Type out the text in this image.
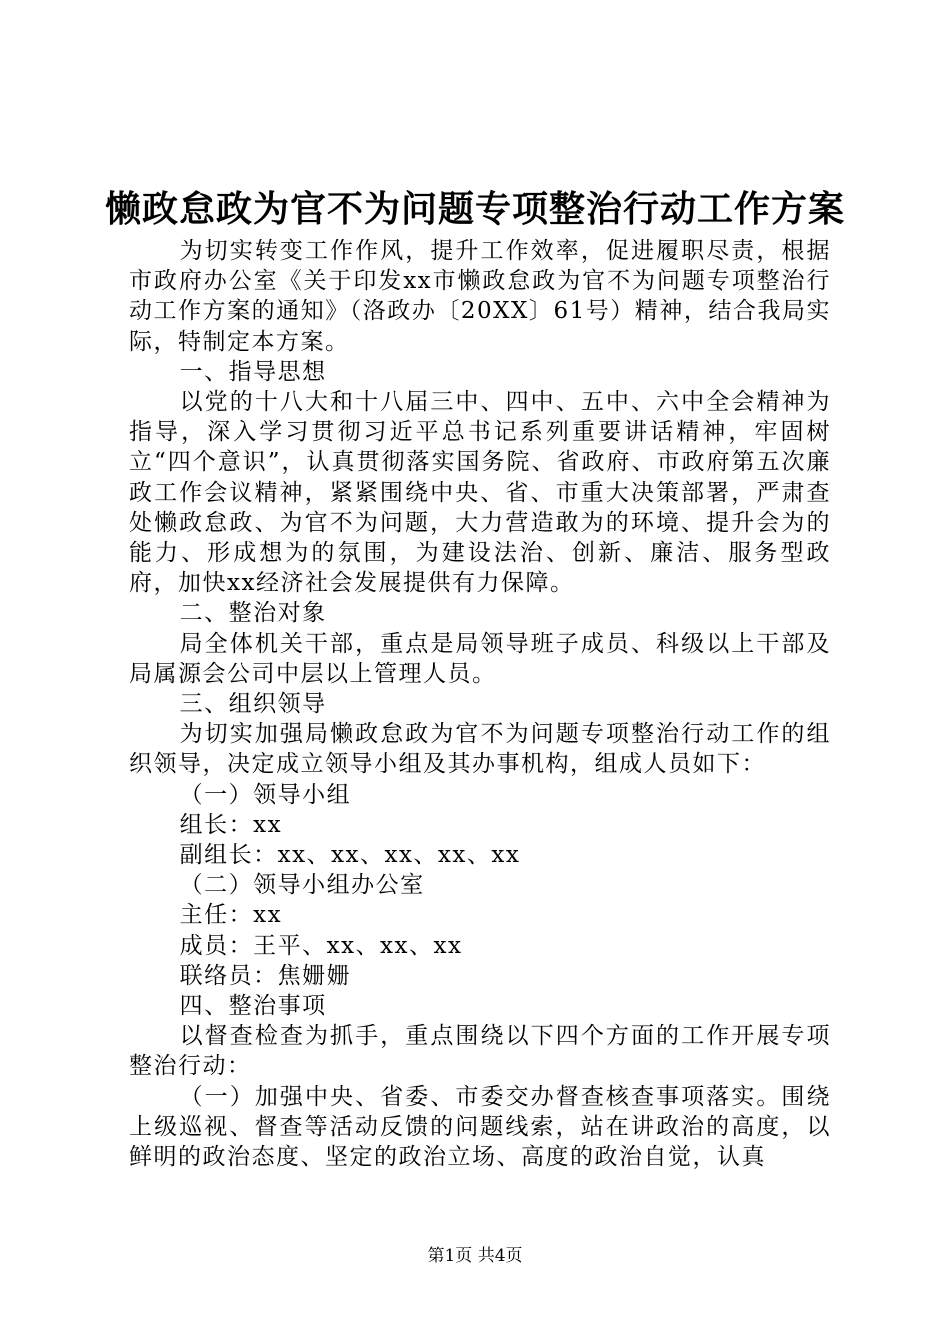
懒政怠政为官不为问题专项整治行动工作方案

为切实转变工作作风，提升工作效率，促进履职尽责，根据市政府办公室《关于印发xx市懒政怠政为官不为问题专项整治行动工作方案的通知》（洛政办〔20XX〕61号）精神，结合我局实际，特制定本方案。

一、指导思想

以党的十八大和十八届三中、四中、五中、六中全会精神为指导，深入学习贯彻习近平总书记系列重要讲话精神，牢固树立“四个意识”，认真贯彻落实国务院、省政府、市政府第五次廉政工作会议精神，紧紧围绕中央、省、市重大决策部署，严肃查处懒政怠政、为官不为问题，大力营造敢为的环境、提升会为的能力、形成想为的氛围，为建设法治、创新、廉洁、服务型政府，加快xx经济社会发展提供有力保障。

二、整治对象

局全体机关干部，重点是局领导班子成员、科级以上干部及局属源会公司中层以上管理人员。

三、组织领导

为切实加强局懒政怠政为官不为问题专项整治行动工作的组织领导，决定成立领导小组及其办事机构，组成人员如下：

（一）领导小组

组长：xx

副组长：xx、xx、xx、xx、xx

（二）领导小组办公室

主任：xx

成员：王平、xx、xx、xx

联络员：焦姗姗

四、整治事项

以督查检查为抓手，重点围绕以下四个方面的工作开展专项整治行动：

（一）加强中央、省委、市委交办督查核查事项落实。围绕上级巡视、督查等活动反馈的问题线索，站在讲政治的高度，以鲜明的政治态度、坚定的政治立场、高度的政治自觉，认真

第1页 共4页
